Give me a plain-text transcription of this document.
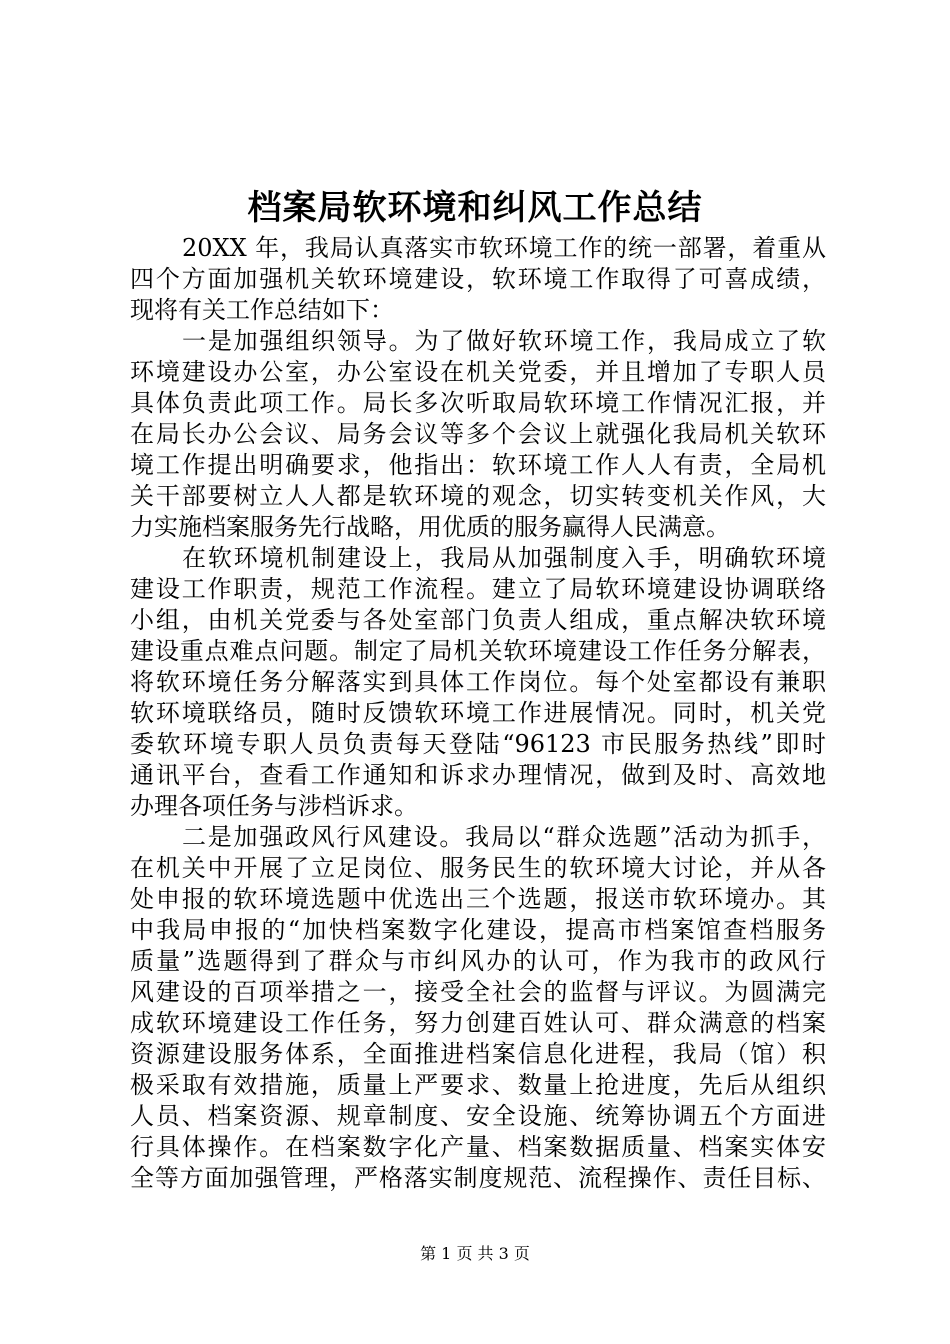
档案局软环境和纠风工作总结
20XX 年，我局认真落实市软环境工作的统一部署，着重从
四个方面加强机关软环境建设，软环境工作取得了可喜成绩，
现将有关工作总结如下：
一是加强组织领导。为了做好软环境工作，我局成立了软
环境建设办公室，办公室设在机关党委，并且增加了专职人员
具体负责此项工作。局长多次听取局软环境工作情况汇报，并
在局长办公会议、局务会议等多个会议上就强化我局机关软环
境工作提出明确要求，他指出：软环境工作人人有责，全局机
关干部要树立人人都是软环境的观念，切实转变机关作风，大
力实施档案服务先行战略，用优质的服务赢得人民满意。
在软环境机制建设上，我局从加强制度入手，明确软环境
建设工作职责，规范工作流程。建立了局软环境建设协调联络
小组，由机关党委与各处室部门负责人组成，重点解决软环境
建设重点难点问题。制定了局机关软环境建设工作任务分解表，
将软环境任务分解落实到具体工作岗位。每个处室都设有兼职
软环境联络员，随时反馈软环境工作进展情况。同时，机关党
委软环境专职人员负责每天登陆“96123 市民服务热线”即时
通讯平台，查看工作通知和诉求办理情况，做到及时、高效地
办理各项任务与涉档诉求。
二是加强政风行风建设。我局以“群众选题”活动为抓手，
在机关中开展了立足岗位、服务民生的软环境大讨论，并从各
处申报的软环境选题中优选出三个选题，报送市软环境办。其
中我局申报的“加快档案数字化建设，提高市档案馆查档服务
质量”选题得到了群众与市纠风办的认可，作为我市的政风行
风建设的百项举措之一，接受全社会的监督与评议。为圆满完
成软环境建设工作任务，努力创建百姓认可、群众满意的档案
资源建设服务体系，全面推进档案信息化进程，我局（馆）积
极采取有效措施，质量上严要求、数量上抢进度，先后从组织
人员、档案资源、规章制度、安全设施、统筹协调五个方面进
行具体操作。在档案数字化产量、档案数据质量、档案实体安
全等方面加强管理，严格落实制度规范、流程操作、责任目标、
第 1 页 共 3 页
